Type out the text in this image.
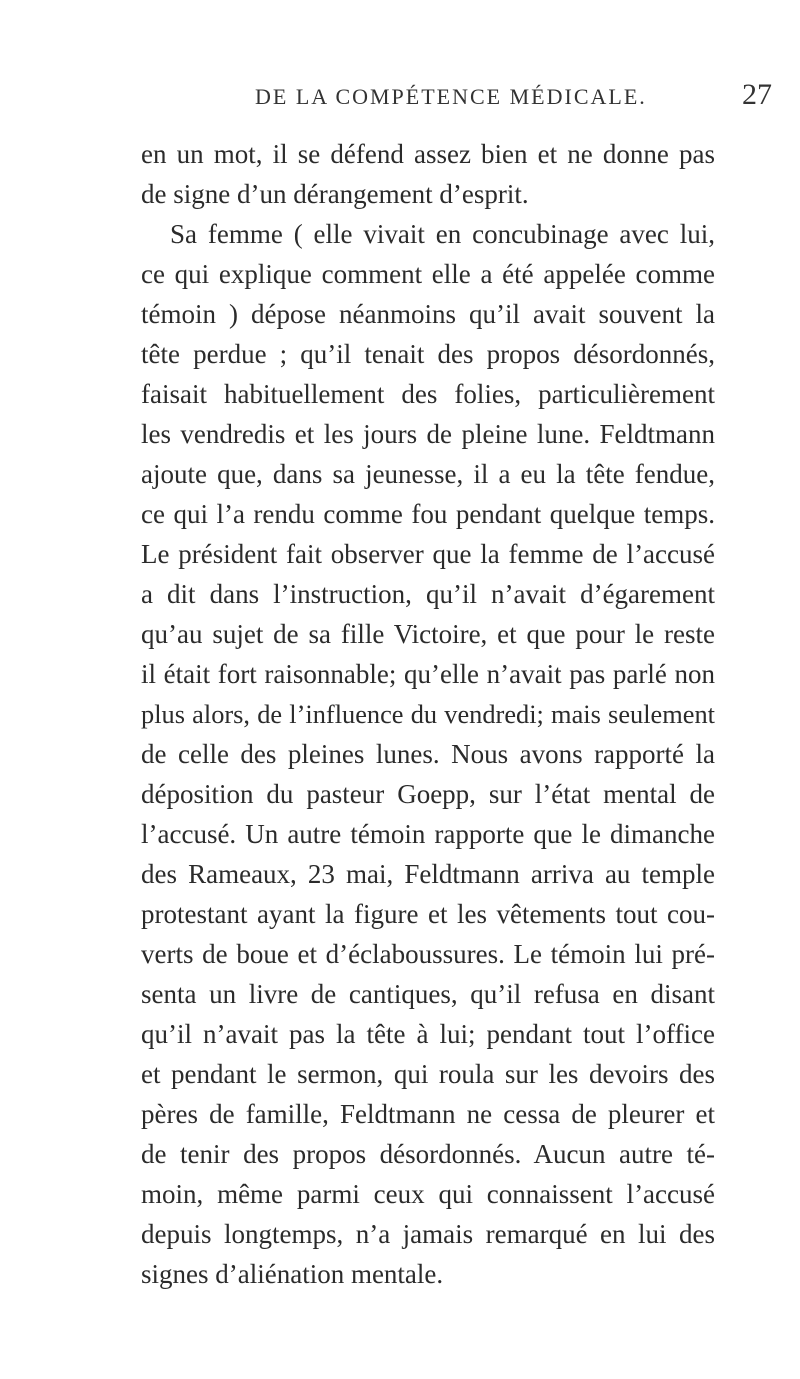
DE LA COMPÉTENCE MÉDICALE.	27
en un mot, il se défend assez bien et ne donne pas
de signe d’un dérangement d’esprit.
Sa femme ( elle vivait en concubinage avec lui,
ce qui explique comment elle a été appelée comme
témoin ) dépose néanmoins qu’il avait souvent la
tête perdue ; qu’il tenait des propos désordonnés,
faisait habituellement des folies, particulièrement
les vendredis et les jours de pleine lune. Feldtmann
ajoute que, dans sa jeunesse, il a eu la tête fendue,
ce qui l’a rendu comme fou pendant quelque temps.
Le président fait observer que la femme de l’accusé
a dit dans l’instruction, qu’il n’avait d’égarement
qu’au sujet de sa fille Victoire, et que pour le reste
il était fort raisonnable; qu’elle n’avait pas parlé non
plus alors, de l’influence du vendredi; mais seulement
de celle des pleines lunes. Nous avons rapporté la
déposition du pasteur Goepp, sur l’état mental de
l’accusé. Un autre témoin rapporte que le dimanche
des Rameaux, 23 mai, Feldtmann arriva au temple
protestant ayant la figure et les vêtements tout cou-
verts de boue et d’éclaboussures. Le témoin lui pré-
senta un livre de cantiques, qu’il refusa en disant
qu’il n’avait pas la tête à lui; pendant tout l’office
et pendant le sermon, qui roula sur les devoirs des
pères de famille, Feldtmann ne cessa de pleurer et
de tenir des propos désordonnés. Aucun autre té-
moin, même parmi ceux qui connaissent l’accusé
depuis longtemps, n’a jamais remarqué en lui des
signes d’aliénation mentale.
